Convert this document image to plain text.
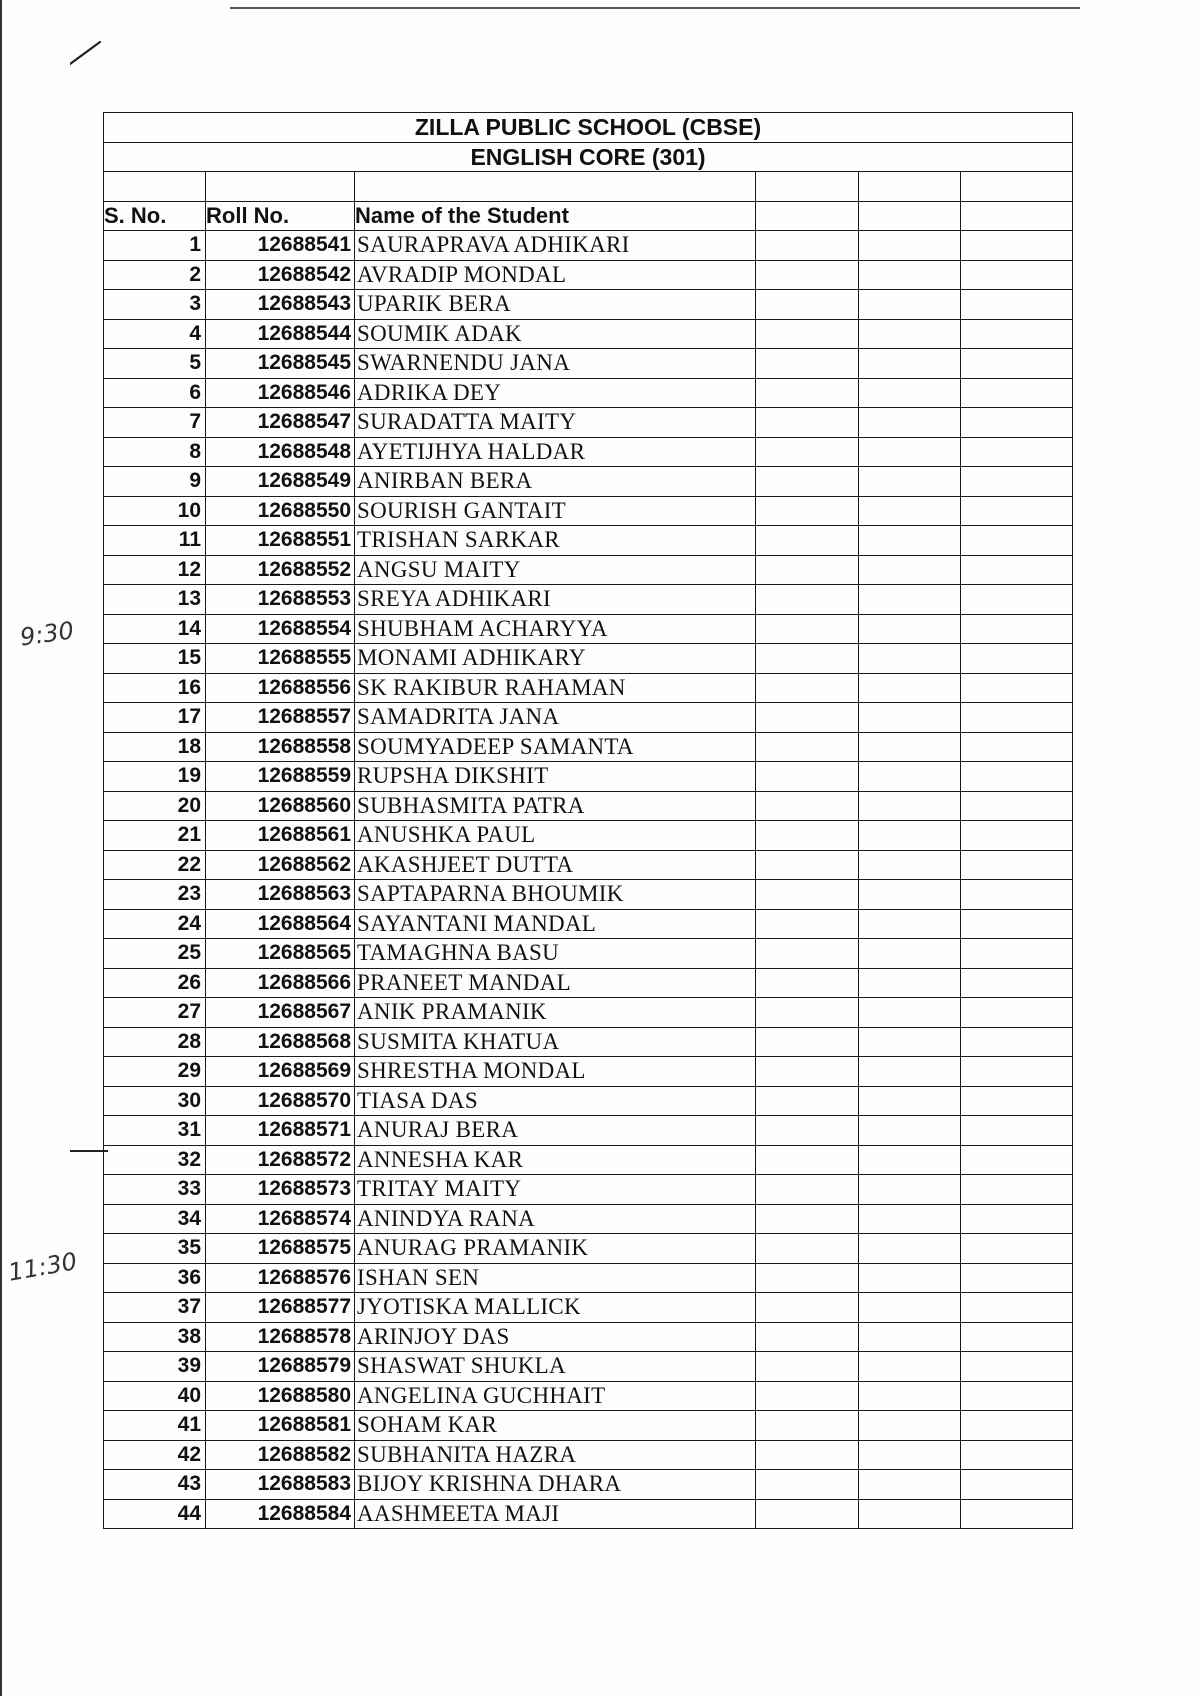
9:30
11:30
ZILLA PUBLIC SCHOOL (CBSE)					
ENGLISH CORE (301)					

S. No.	Roll No.	Name of the Student			
1	12688541	SAURAPRAVA ADHIKARI			
2	12688542	AVRADIP MONDAL			
3	12688543	UPARIK BERA			
4	12688544	SOUMIK ADAK			
5	12688545	SWARNENDU JANA			
6	12688546	ADRIKA DEY			
7	12688547	SURADATTA MAITY			
8	12688548	AYETIJHYA HALDAR			
9	12688549	ANIRBAN BERA			
10	12688550	SOURISH GANTAIT			
11	12688551	TRISHAN SARKAR			
12	12688552	ANGSU MAITY			
13	12688553	SREYA ADHIKARI			
14	12688554	SHUBHAM ACHARYYA			
15	12688555	MONAMI ADHIKARY			
16	12688556	SK RAKIBUR RAHAMAN			
17	12688557	SAMADRITA JANA			
18	12688558	SOUMYADEEP SAMANTA			
19	12688559	RUPSHA DIKSHIT			
20	12688560	SUBHASMITA PATRA			
21	12688561	ANUSHKA PAUL			
22	12688562	AKASHJEET DUTTA			
23	12688563	SAPTAPARNA BHOUMIK			
24	12688564	SAYANTANI MANDAL			
25	12688565	TAMAGHNA BASU			
26	12688566	PRANEET MANDAL			
27	12688567	ANIK PRAMANIK			
28	12688568	SUSMITA KHATUA			
29	12688569	SHRESTHA MONDAL			
30	12688570	TIASA DAS			
31	12688571	ANURAJ BERA			
32	12688572	ANNESHA KAR			
33	12688573	TRITAY MAITY			
34	12688574	ANINDYA RANA			
35	12688575	ANURAG PRAMANIK			
36	12688576	ISHAN SEN			
37	12688577	JYOTISKA MALLICK			
38	12688578	ARINJOY DAS			
39	12688579	SHASWAT SHUKLA			
40	12688580	ANGELINA GUCHHAIT			
41	12688581	SOHAM KAR			
42	12688582	SUBHANITA HAZRA			
43	12688583	BIJOY KRISHNA DHARA			
44	12688584	AASHMEETA MAJI			
